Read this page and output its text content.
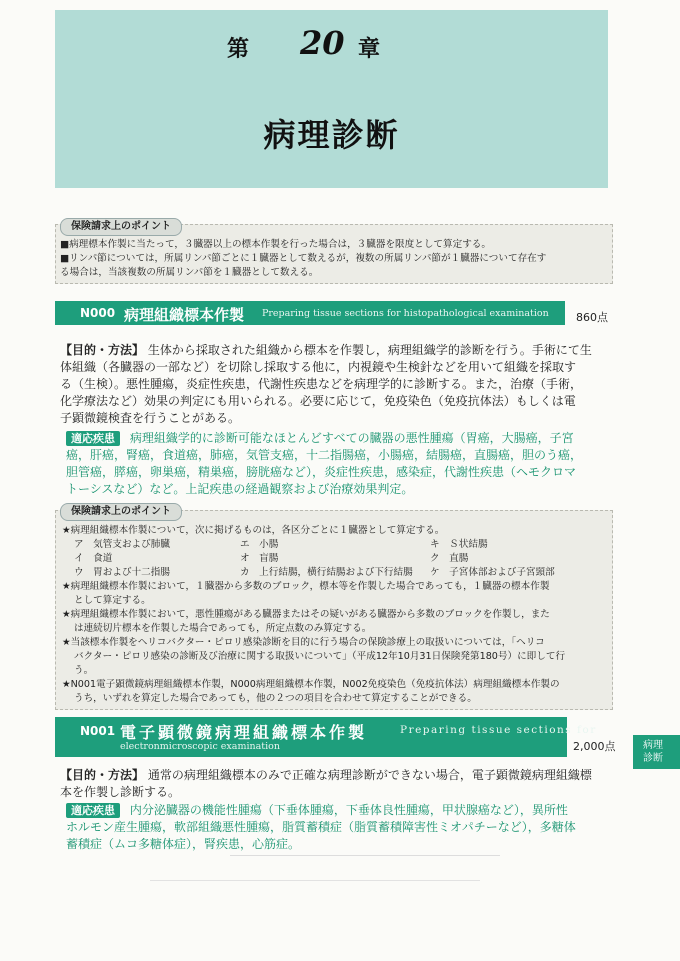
第 20 章
病理診断
保険請求上のポイント
■病理標本作製に当たって，３臓器以上の標本作製を行った場合は，３臓器を限度として算定する。
■リンパ節については，所属リンパ節ごとに１臓器として数えるが，複数の所属リンパ節が１臓器について存在す
る場合は，当該複数の所属リンパ節を１臓器として数える。
N000 病理組織標本作製 Preparing tissue sections for histopathological examination 860点
【目的・方法】 生体から採取された組織から標本を作製し，病理組織学的診断を行う。手術にて生
体組織（各臓器の一部など）を切除し採取する他に，内視鏡や生検針などを用いて組織を採取す
る（生検）。悪性腫瘍，炎症性疾患，代謝性疾患などを病理学的に診断する。また，治療（手術，
化学療法など）効果の判定にも用いられる。必要に応じて，免疫染色（免疫抗体法）もしくは電
子顕微鏡検査を行うことがある。
適応疾患 病理組織学的に診断可能なほとんどすべての臓器の悪性腫瘍（胃癌，大腸癌，子宮
癌，肝癌，腎癌，食道癌，肺癌，気管支癌，十二指腸癌，小腸癌，結腸癌，直腸癌，胆のう癌，
胆管癌，膵癌，卵巣癌，精巣癌，膀胱癌など），炎症性疾患，感染症，代謝性疾患（ヘモクロマ
トーシスなど）など。上記疾患の経過観察および治療効果判定。
保険請求上のポイント
★病理組織標本作製について，次に掲げるものは，各区分ごとに１臓器として算定する。
ア　気管支および肺臓	エ　小腸	キ　Ｓ状結腸
イ　食道	オ　盲腸	ク　直腸
ウ　胃および十二指腸	カ　上行結腸，横行結腸および下行結腸 ケ　子宮体部および子宮頸部
★病理組織標本作製において，１臓器から多数のブロック，標本等を作製した場合であっても，１臓器の標本作製
として算定する。
★病理組織標本作製において，悪性腫瘍がある臓器またはその疑いがある臓器から多数のブロックを作製し，また
は連続切片標本を作製した場合であっても，所定点数のみ算定する。
★当該標本作製をヘリコバクター・ピロリ感染診断を目的に行う場合の保険診療上の取扱いについては，「ヘリコ
バクター・ピロリ感染の診断及び治療に関する取扱いについて」（平成12年10月31日保険発第180号）に即して行
う。
★N001電子顕微鏡病理組織標本作製，N000病理組織標本作製，N002免疫染色（免疫抗体法）病理組織標本作製の
うち，いずれを算定した場合であっても，他の２つの項目を合わせて算定することができる。
N001 電子顕微鏡病理組織標本作製	Preparing tissue sections for
electronmicroscopic examination	2,000点
【目的・方法】 通常の病理組織標本のみで正確な病理診断ができない場合，電子顕微鏡病理組織標
本を作製し診断する。
適応疾患 内分泌臓器の機能性腫瘍（下垂体腫瘍，下垂体良性腫瘍，甲状腺癌など），異所性
ホルモン産生腫瘍，軟部組織悪性腫瘍，脂質蓄積症（脂質蓄積障害性ミオパチーなど），多糖体
蓄積症（ムコ多糖体症），腎疾患，心筋症。
病理
診断
